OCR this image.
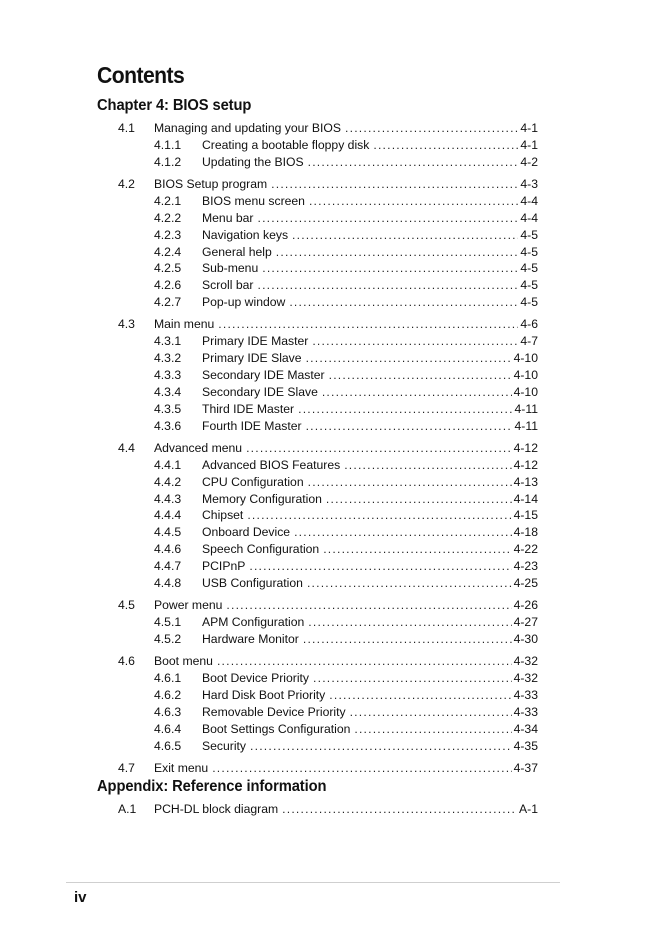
Contents
Chapter 4: BIOS setup
4.1	Managing and updating your BIOS .....	4-1
4.1.1	Creating a bootable floppy disk .....	4-1
4.1.2	Updating the BIOS .....	4-2
4.2	BIOS Setup program .....	4-3
4.2.1	BIOS menu screen .....	4-4
4.2.2	Menu bar .....	4-4
4.2.3	Navigation keys .....	4-5
4.2.4	General help .....	4-5
4.2.5	Sub-menu .....	4-5
4.2.6	Scroll bar .....	4-5
4.2.7	Pop-up window .....	4-5
4.3	Main menu .....	4-6
4.3.1	Primary IDE Master .....	4-7
4.3.2	Primary IDE Slave .....	4-10
4.3.3	Secondary IDE Master .....	4-10
4.3.4	Secondary IDE Slave .....	4-10
4.3.5	Third IDE Master .....	4-11
4.3.6	Fourth IDE Master .....	4-11
4.4	Advanced menu .....	4-12
4.4.1	Advanced BIOS Features .....	4-12
4.4.2	CPU Configuration .....	4-13
4.4.3	Memory Configuration .....	4-14
4.4.4	Chipset .....	4-15
4.4.5	Onboard Device .....	4-18
4.4.6	Speech Configuration .....	4-22
4.4.7	PCIPnP .....	4-23
4.4.8	USB Configuration .....	4-25
4.5	Power menu .....	4-26
4.5.1	APM Configuration .....	4-27
4.5.2	Hardware Monitor .....	4-30
4.6	Boot menu .....	4-32
4.6.1	Boot Device Priority .....	4-32
4.6.2	Hard Disk Boot Priority .....	4-33
4.6.3	Removable Device Priority .....	4-33
4.6.4	Boot Settings Configuration .....	4-34
4.6.5	Security .....	4-35
4.7	Exit menu .....	4-37
Appendix: Reference information
A.1	PCH-DL block diagram .....	A-1
iv
